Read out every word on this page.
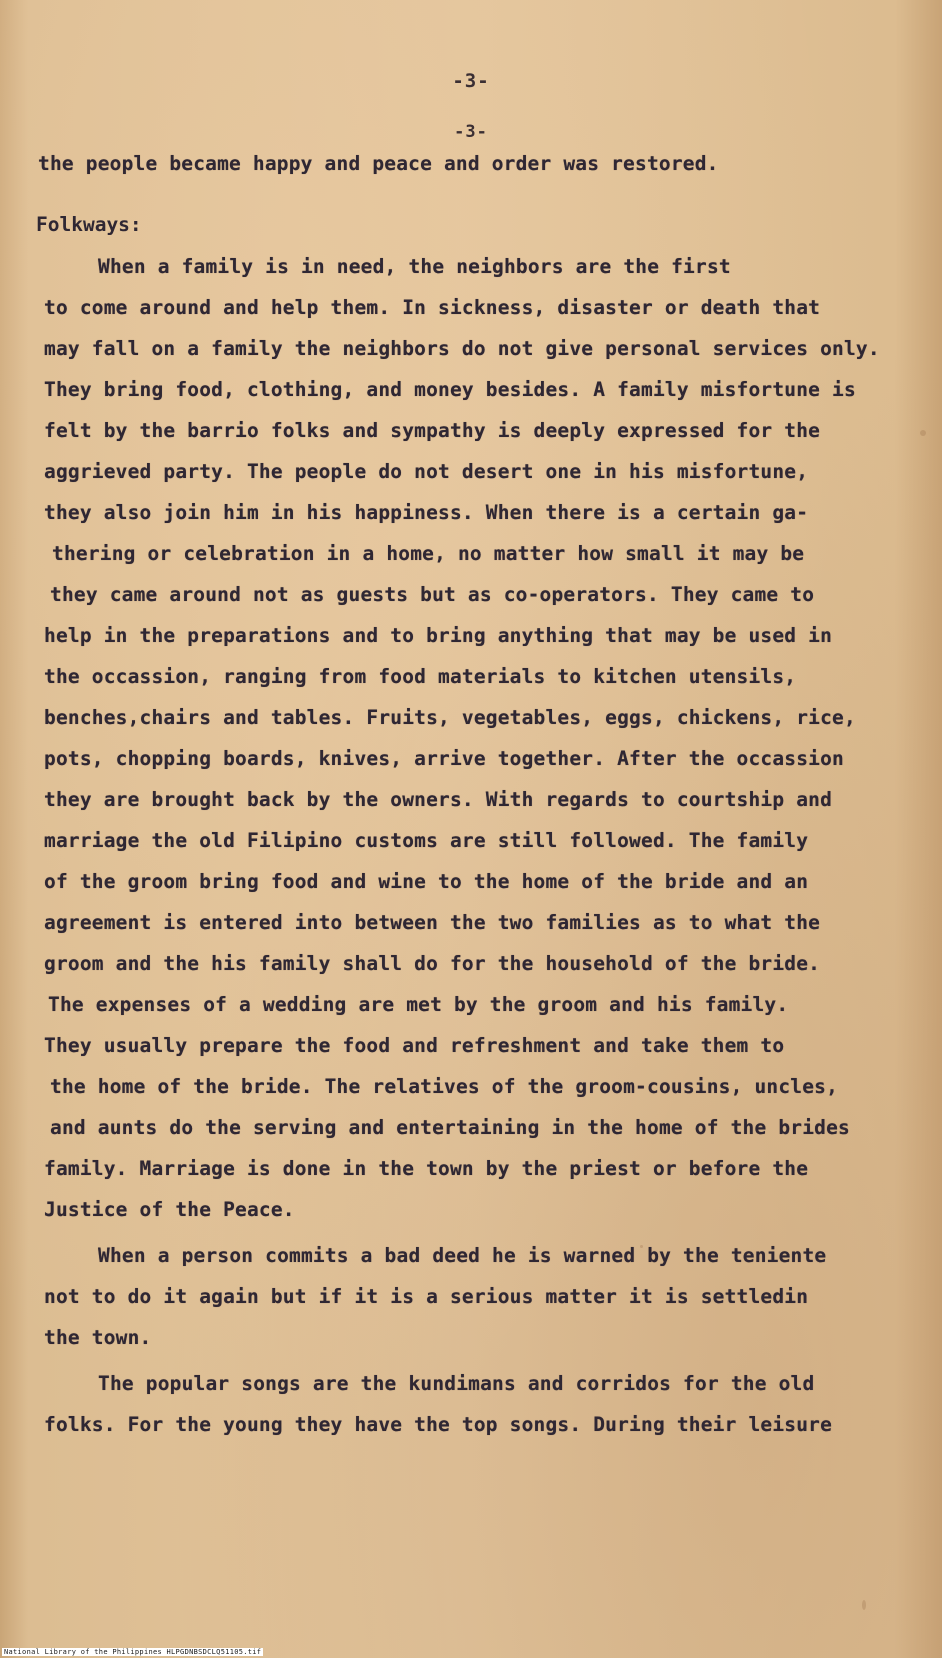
-3-
-3-
the people became happy and peace and order was restored.
Folkways:
When a family is in need, the neighbors are the first
to come around and help them. In sickness, disaster or death that
may fall on a family the neighbors do not give personal services only.
They bring food, clothing, and money besides. A family misfortune is
felt by the barrio folks and sympathy is deeply expressed for the
aggrieved party. The people do not desert one in his misfortune,
they also join him in his happiness. When there is a certain ga-
thering or celebration in a home, no matter how small it may be
they came around not as guests but as co-operators. They came to
help in the preparations and to bring anything that may be used in
the occassion, ranging from food materials to kitchen utensils,
benches,chairs and tables. Fruits, vegetables, eggs, chickens, rice,
pots, chopping boards, knives, arrive together. After the occassion
they are brought back by the owners. With regards to courtship and
marriage the old Filipino customs are still followed. The family
of the groom bring food and wine to the home of the bride and an
agreement is entered into between the two families as to what the
groom and the his family shall do for the household of the bride.
The expenses of a wedding are met by the groom and his family.
They usually prepare the food and refreshment and take them to
the home of the bride. The relatives of the groom-cousins, uncles,
and aunts do the serving and entertaining in the home of the brides
family. Marriage is done in the town by the priest or before the
Justice of the Peace.
When a person commits a bad deed he is warned by the teniente
not to do it again but if it is a serious matter it is settledin
the town.
The popular songs are the kundimans and corridos for the old
folks. For the young they have the top songs. During their leisure
National Library of the Philippines HLPGDNBSDCLQ51105.tif
